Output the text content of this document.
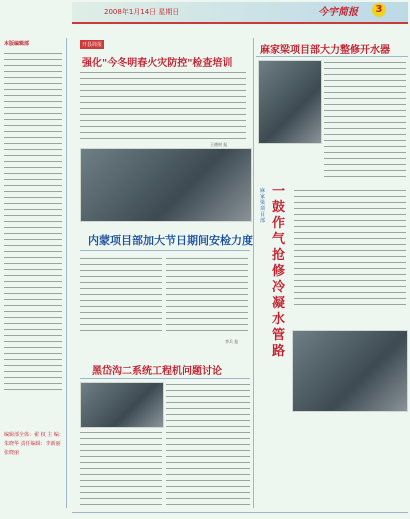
2008年1月14日 星期日	今宇简报	3
本版编辑部
编辑部全体：翟 权 主 编：朱晓华 责任编辑：李新丽 张晓丽
开县简报
强化"今冬明春火灾防控"检查培训
王德财 报
麻家梁项目部大力整修开水器
内蒙项目部加大节日期间安检力度
李兵 报
麻家梁项目部
一鼓作气抢修冷凝水管路
黑岱沟二系统工程机问题讨论
